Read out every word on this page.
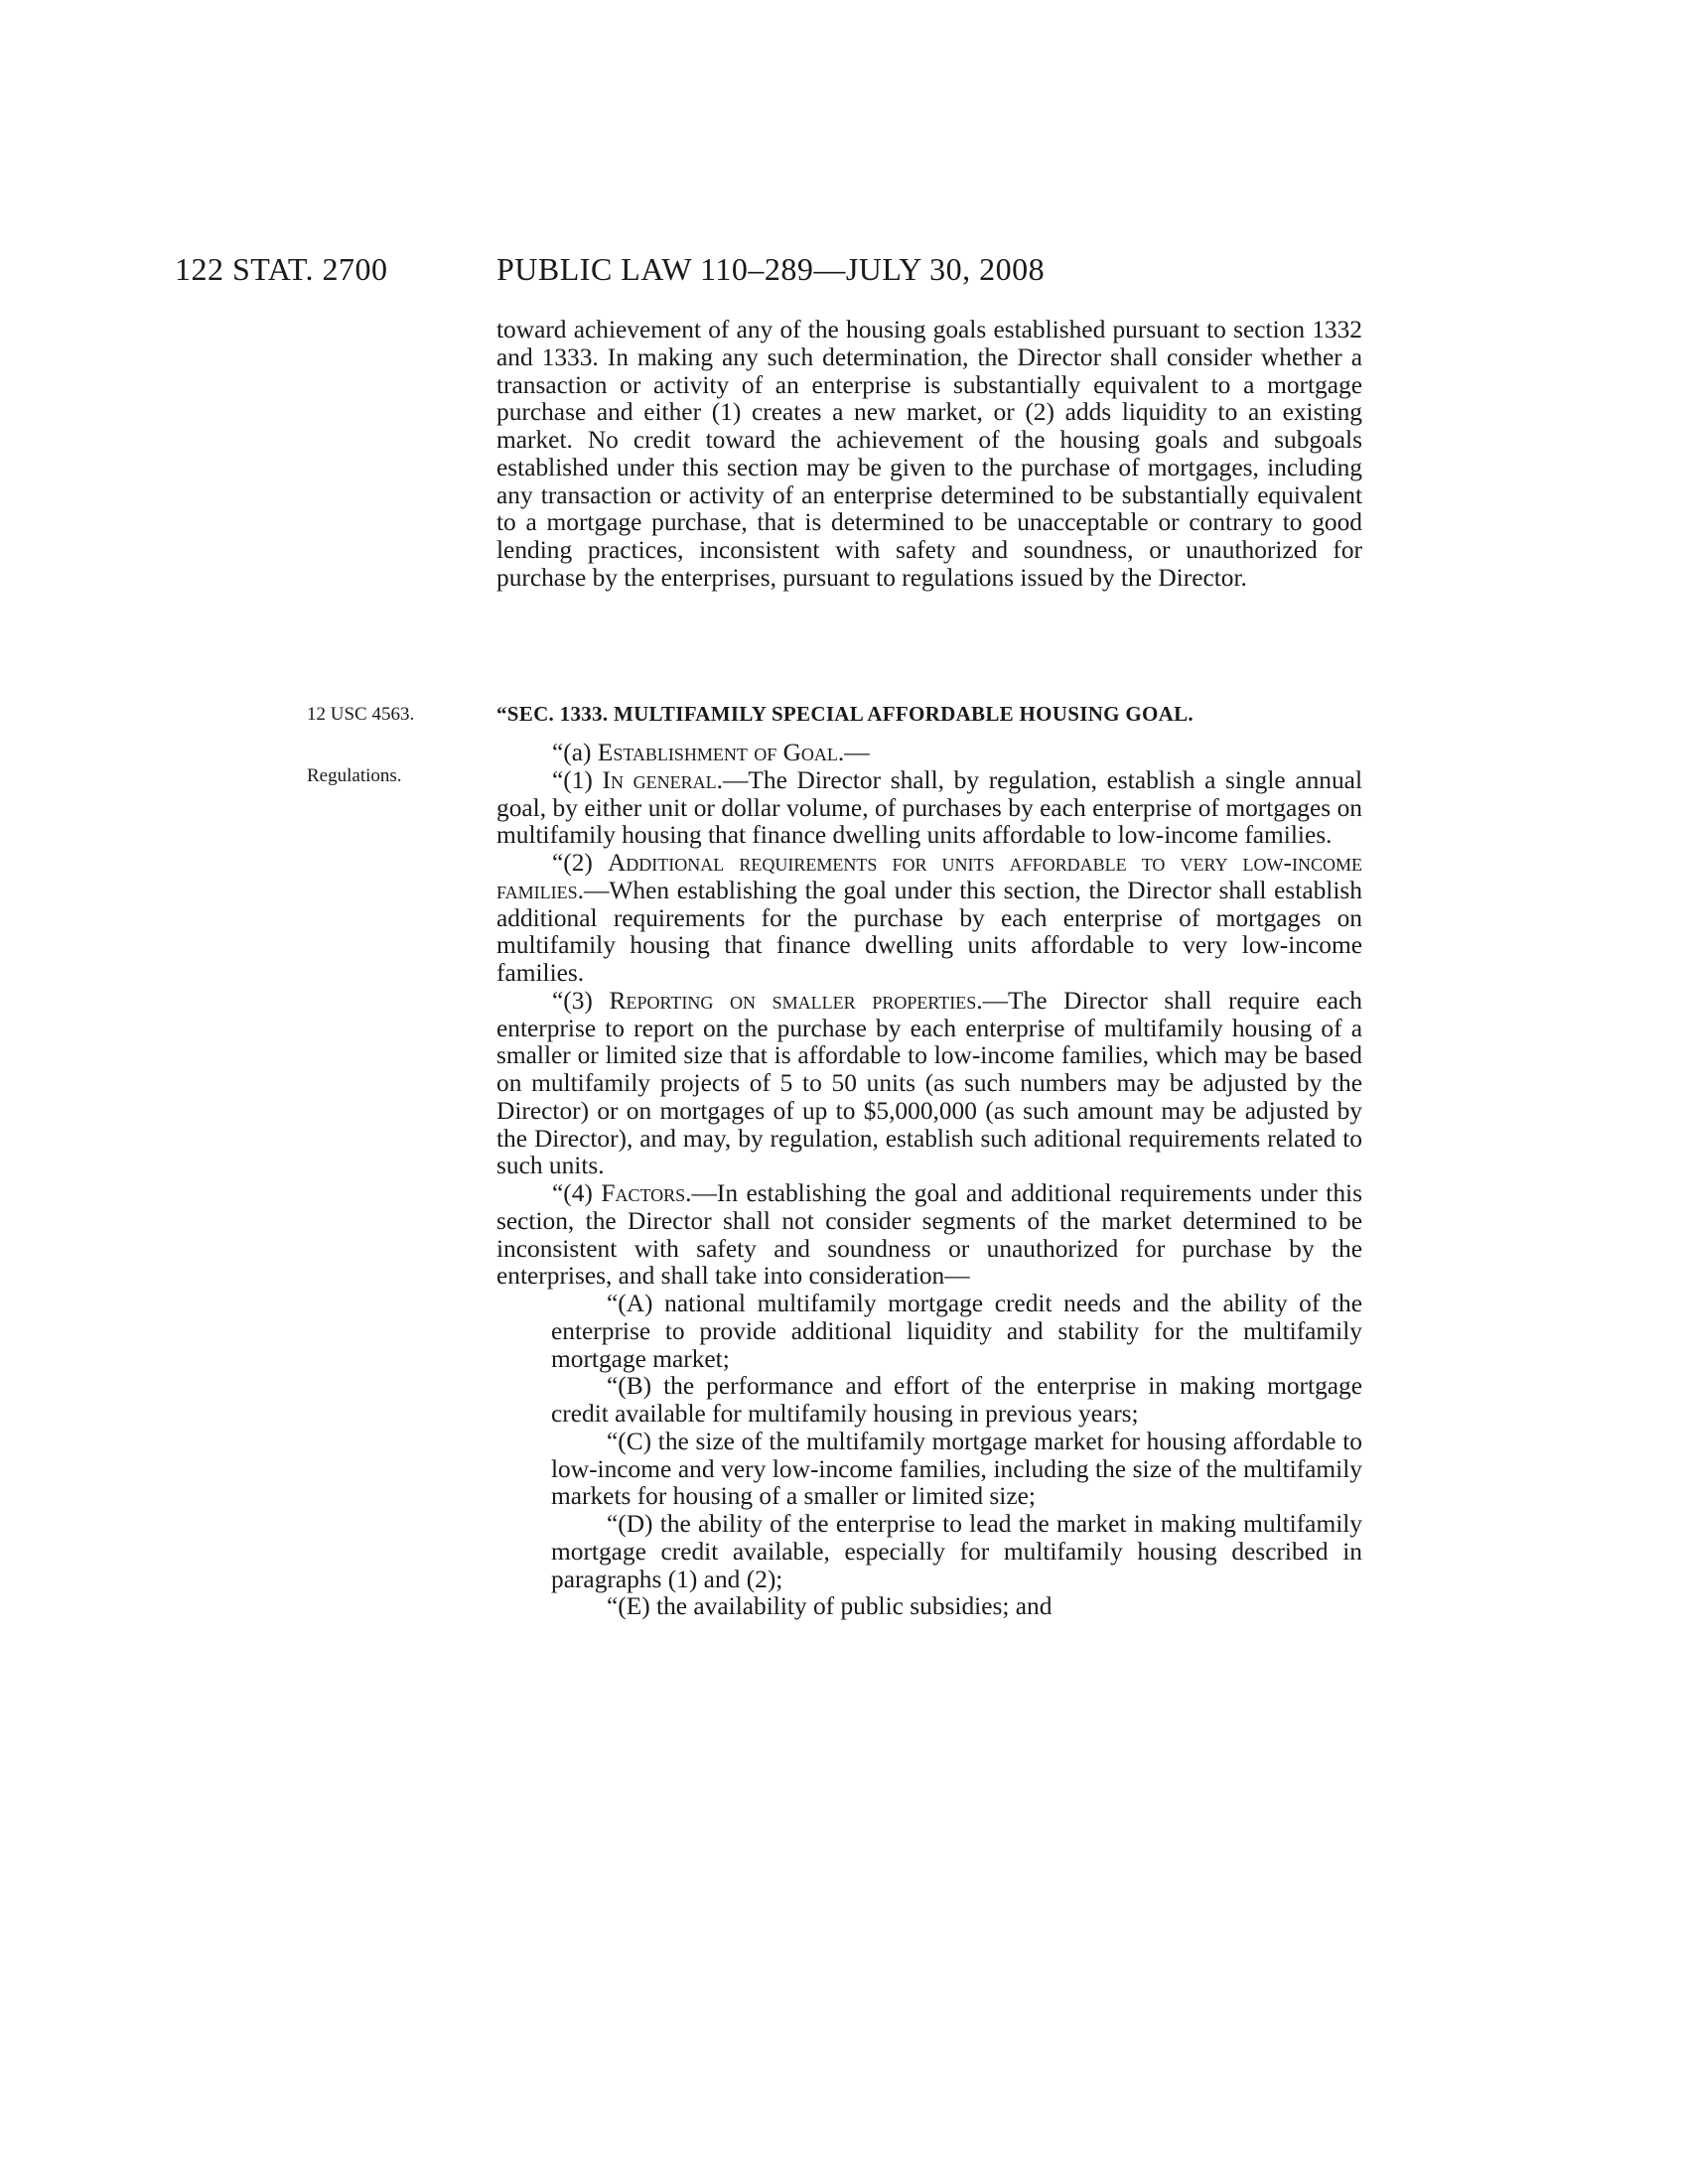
122 STAT. 2700	PUBLIC LAW 110–289—JULY 30, 2008

toward achievement of any of the housing goals established pursuant to section 1332 and 1333. In making any such determination, the Director shall consider whether a transaction or activity of an enterprise is substantially equivalent to a mortgage purchase and either (1) creates a new market, or (2) adds liquidity to an existing market. No credit toward the achievement of the housing goals and subgoals established under this section may be given to the purchase of mortgages, including any transaction or activity of an enterprise determined to be substantially equivalent to a mortgage purchase, that is determined to be unacceptable or contrary to good lending practices, inconsistent with safety and soundness, or unauthorized for purchase by the enterprises, pursuant to regulations issued by the Director.

12 USC 4563.
Regulations.
“SEC. 1333. MULTIFAMILY SPECIAL AFFORDABLE HOUSING GOAL.

“(a) Establishment of Goal.—

“(1) In general.—The Director shall, by regulation, establish a single annual goal, by either unit or dollar volume, of purchases by each enterprise of mortgages on multifamily housing that finance dwelling units affordable to low-income families.

“(2) Additional requirements for units affordable to very low-income families.—When establishing the goal under this section, the Director shall establish additional requirements for the purchase by each enterprise of mortgages on multifamily housing that finance dwelling units affordable to very low-income families.

“(3) Reporting on smaller properties.—The Director shall require each enterprise to report on the purchase by each enterprise of multifamily housing of a smaller or limited size that is affordable to low-income families, which may be based on multifamily projects of 5 to 50 units (as such numbers may be adjusted by the Director) or on mortgages of up to $5,000,000 (as such amount may be adjusted by the Director), and may, by regulation, establish such aditional requirements related to such units.

“(4) Factors.—In establishing the goal and additional requirements under this section, the Director shall not consider segments of the market determined to be inconsistent with safety and soundness or unauthorized for purchase by the enterprises, and shall take into consideration—

“(A) national multifamily mortgage credit needs and the ability of the enterprise to provide additional liquidity and stability for the multifamily mortgage market;

“(B) the performance and effort of the enterprise in making mortgage credit available for multifamily housing in previous years;

“(C) the size of the multifamily mortgage market for housing affordable to low-income and very low-income families, including the size of the multifamily markets for housing of a smaller or limited size;

“(D) the ability of the enterprise to lead the market in making multifamily mortgage credit available, especially for multifamily housing described in paragraphs (1) and (2);

“(E) the availability of public subsidies; and
